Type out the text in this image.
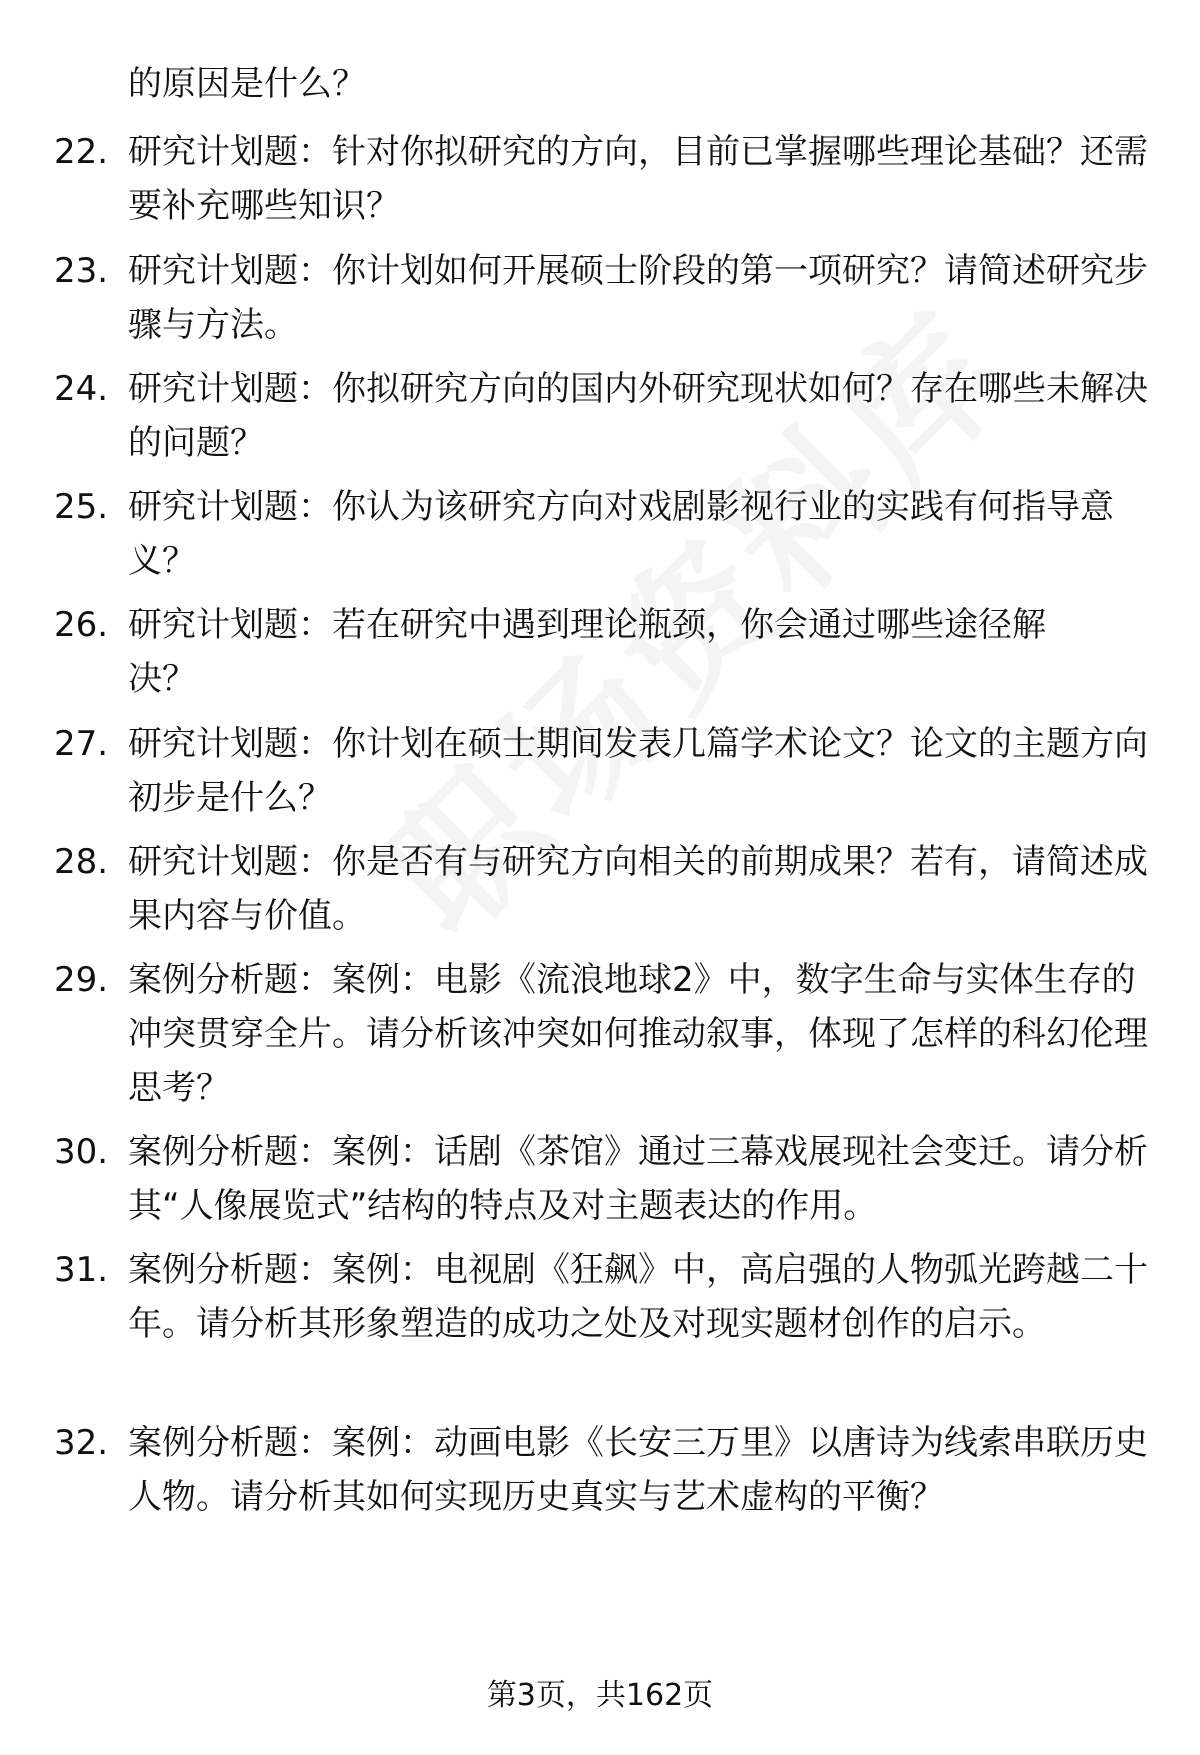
的原因是什么？

22. 研究计划题：针对你拟研究的方向，目前已掌握哪些理论基础？还需要补充哪些知识？

23. 研究计划题：你计划如何开展硕士阶段的第一项研究？请简述研究步骤与方法。

24. 研究计划题：你拟研究方向的国内外研究现状如何？存在哪些未解决的问题？

25. 研究计划题：你认为该研究方向对戏剧影视行业的实践有何指导意义？

26. 研究计划题：若在研究中遇到理论瓶颈，你会通过哪些途径解决？

27. 研究计划题：你计划在硕士期间发表几篇学术论文？论文的主题方向初步是什么？

28. 研究计划题：你是否有与研究方向相关的前期成果？若有，请简述成果内容与价值。

29. 案例分析题：案例：电影《流浪地球2》中，数字生命与实体生存的冲突贯穿全片。请分析该冲突如何推动叙事，体现了怎样的科幻伦理思考？

30. 案例分析题：案例：话剧《茶馆》通过三幕戏展现社会变迁。请分析其“人像展览式”结构的特点及对主题表达的作用。

31. 案例分析题：案例：电视剧《狂飙》中，高启强的人物弧光跨越二十年。请分析其形象塑造的成功之处及对现实题材创作的启示。

32. 案例分析题：案例：动画电影《长安三万里》以唐诗为线索串联历史人物。请分析其如何实现历史真实与艺术虚构的平衡？

第3页，共162页
